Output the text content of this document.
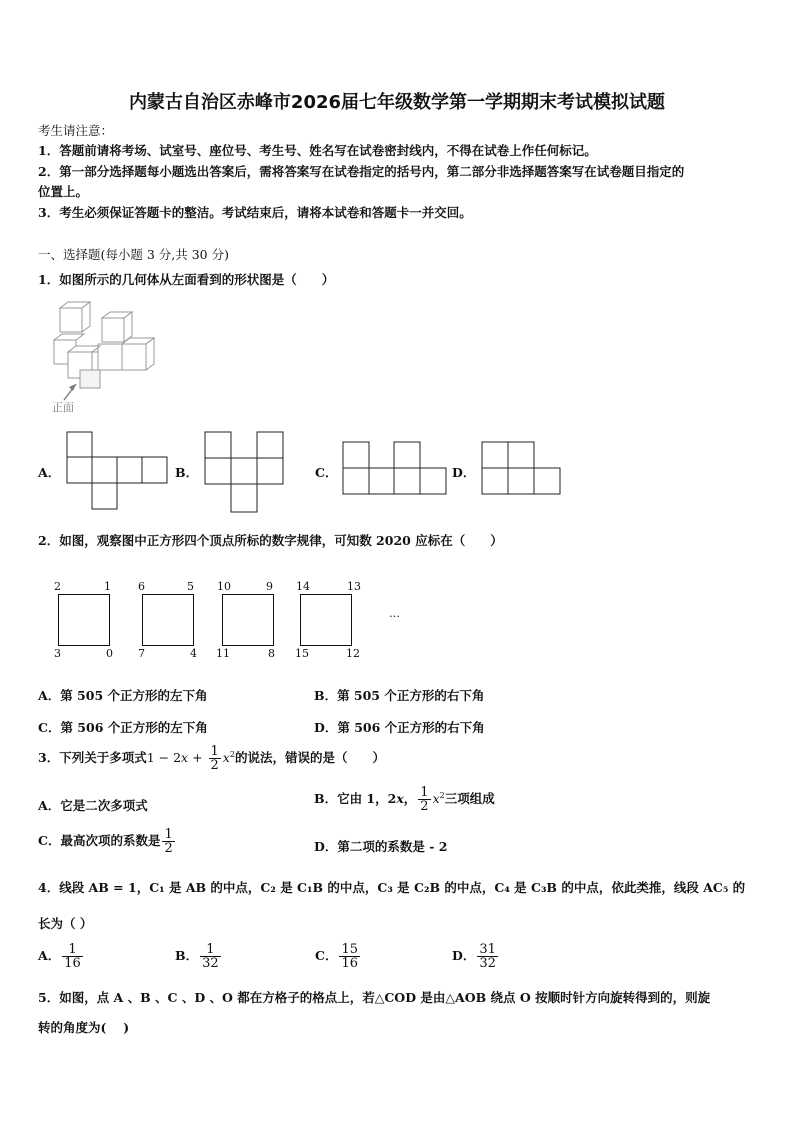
内蒙古自治区赤峰市2026届七年级数学第一学期期末考试模拟试题
考生请注意：
1．答题前请将考场、试室号、座位号、考生号、姓名写在试卷密封线内，不得在试卷上作任何标记。
2．第一部分选择题每小题选出答案后，需将答案写在试卷指定的括号内，第二部分非选择题答案写在试卷题目指定的
位置上。
3．考生必须保证答题卡的整洁。考试结束后，请将本试卷和答题卡一并交回。
一、选择题(每小题 3 分,共 30 分)
1．如图所示的几何体从左面看到的形状图是（　　）
正面
A．	B．	C．	D．
2．如图，观察图中正方形四个顶点所标的数字规律，可知数 2020 应标在（　　）
2	1
3	0
6	5
7	4
10	9
11	8
14	13
15	12
…
A．第 505 个正方形的左下角	B．第 505 个正方形的右下角
C．第 506 个正方形的左下角	D．第 506 个正方形的右下角
3．下列关于多项式$1 - 2x + \frac{1}{2} x^2$的说法，错误的是（　　）
A．它是二次多项式	B．它由 1，2x， $\frac{1}{2} x^2$三项组成
C．最高次项的系数是 $\frac{1}{2}$	D．第二项的系数是 - 2
4．线段 AB = 1，C₁ 是 AB 的中点，C₂ 是 C₁B 的中点，C₃ 是 C₂B 的中点，C₄ 是 C₃B 的中点，依此类推，线段 AC₅ 的
长为（ ）
A． $\frac{1}{16}$	B． $\frac{1}{32}$	C． $\frac{15}{16}$	D． $\frac{31}{32}$
5．如图，点 A 、B 、C 、D 、O 都在方格子的格点上，若△COD 是由△AOB 绕点 O 按顺时针方向旋转得到的，则旋
转的角度为(　 )
